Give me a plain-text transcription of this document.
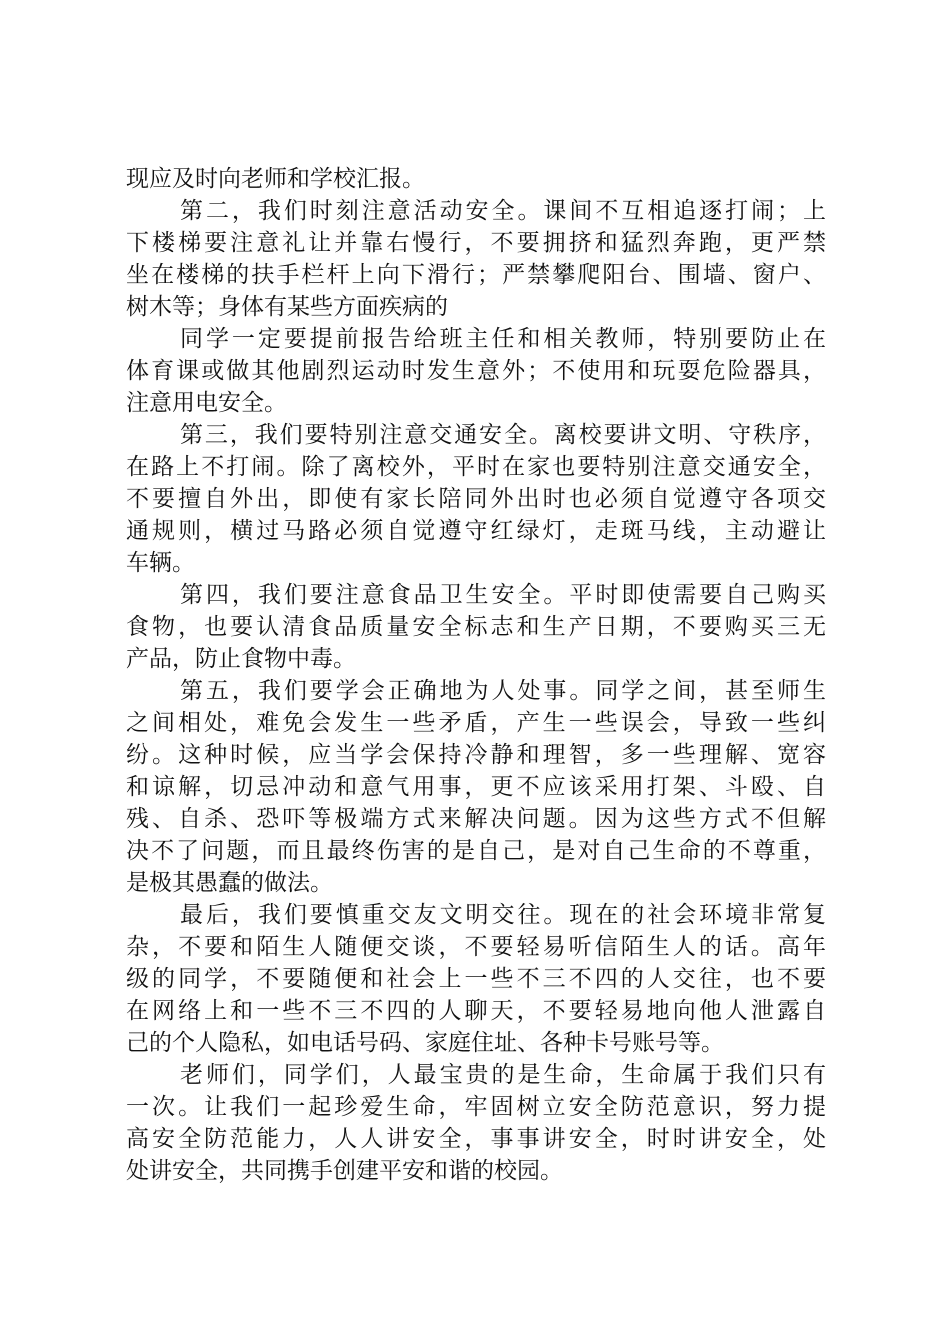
现应及时向老师和学校汇报。
第二，我们时刻注意活动安全。课间不互相追逐打闹；上
下楼梯要注意礼让并靠右慢行，不要拥挤和猛烈奔跑，更严禁
坐在楼梯的扶手栏杆上向下滑行；严禁攀爬阳台、围墙、窗户、
树木等；身体有某些方面疾病的
同学一定要提前报告给班主任和相关教师，特别要防止在
体育课或做其他剧烈运动时发生意外；不使用和玩耍危险器具，
注意用电安全。
第三，我们要特别注意交通安全。离校要讲文明、守秩序，
在路上不打闹。除了离校外，平时在家也要特别注意交通安全，
不要擅自外出，即使有家长陪同外出时也必须自觉遵守各项交
通规则，横过马路必须自觉遵守红绿灯，走斑马线，主动避让
车辆。
第四，我们要注意食品卫生安全。平时即使需要自己购买
食物，也要认清食品质量安全标志和生产日期，不要购买三无
产品，防止食物中毒。
第五，我们要学会正确地为人处事。同学之间，甚至师生
之间相处，难免会发生一些矛盾，产生一些误会，导致一些纠
纷。这种时候，应当学会保持冷静和理智，多一些理解、宽容
和谅解，切忌冲动和意气用事，更不应该采用打架、斗殴、自
残、自杀、恐吓等极端方式来解决问题。因为这些方式不但解
决不了问题，而且最终伤害的是自己，是对自己生命的不尊重，
是极其愚蠢的做法。
最后，我们要慎重交友文明交往。现在的社会环境非常复
杂，不要和陌生人随便交谈，不要轻易听信陌生人的话。高年
级的同学，不要随便和社会上一些不三不四的人交往，也不要
在网络上和一些不三不四的人聊天，不要轻易地向他人泄露自
己的个人隐私，如电话号码、家庭住址、各种卡号账号等。
老师们，同学们，人最宝贵的是生命，生命属于我们只有
一次。让我们一起珍爱生命，牢固树立安全防范意识，努力提
高安全防范能力，人人讲安全，事事讲安全，时时讲安全，处
处讲安全，共同携手创建平安和谐的校园。
